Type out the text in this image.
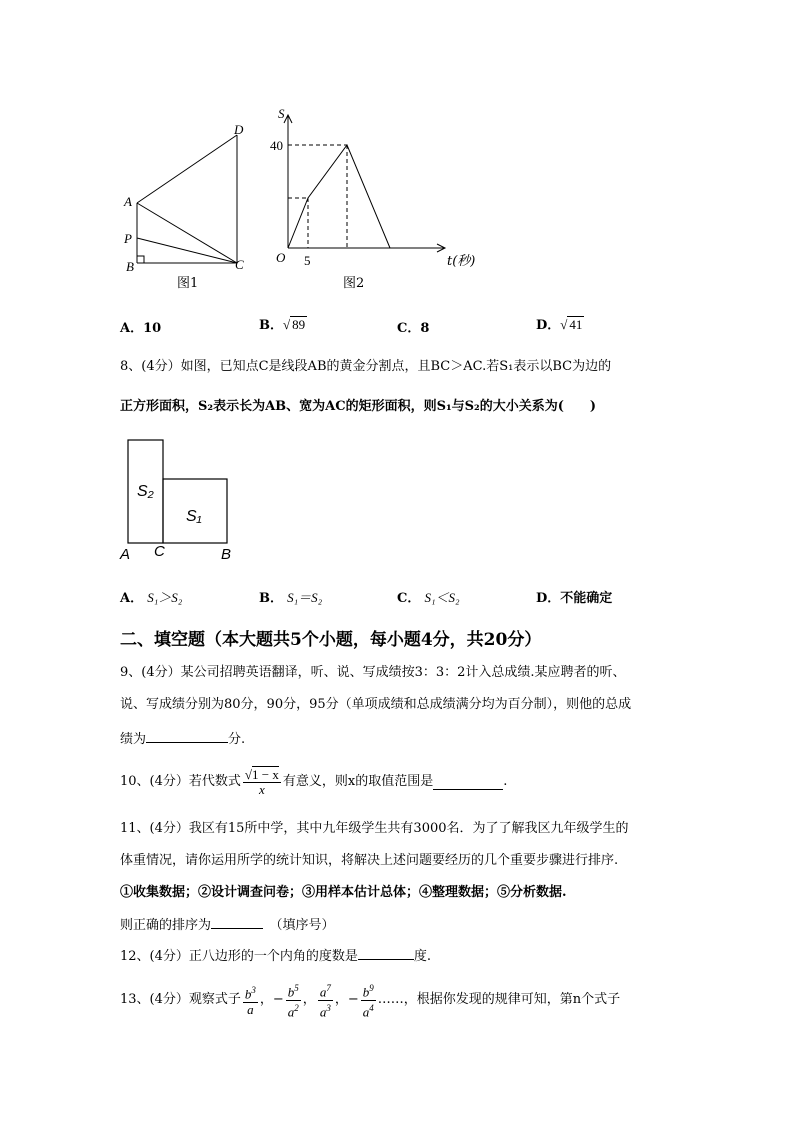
D
A
P
B	C
图1
S
40
O 5	t(秒)
图2
A．10	B．√ 89	C．8	D．√ 41
8、(4分）如图，已知点C是线段AB的黄金分割点，且BC＞AC.若S₁表示以BC为边的
正方形面积，S₂表示长为AB、宽为AC的矩形面积，则S₁与S₂的大小关系为(　　)
S₂
S₁
A C	B
A． S₁＞S₂	B． S₁＝S₂	C． S₁＜S₂	D．不能确定
二、填空题（本大题共5个小题，每小题4分，共20分）
9、(4分）某公司招聘英语翻译，听、说、写成绩按3：3：2计入总成绩.某应聘者的听、
说、写成绩分别为80分，90分，95分（单项成绩和总成绩满分均为百分制），则他的总成
绩为	分.
10、(4分）若代数式 $\frac{√1 - x}{x}$ 有意义，则x的取值范围是	.
11、(4分）我区有15所中学，其中九年级学生共有3000名．为了了解我区九年级学生的
体重情况，请你运用所学的统计知识，将解决上述问题要经历的几个重要步骤进行排序.
①收集数据；②设计调查问卷；③用样本估计总体；④整理数据；⑤分析数据.
则正确的排序为　	（填序号）
12、(4分）正八边形的一个内角的度数是	度.
13、(4分）观察式子 $\frac{b^3}{a}$ ，− $\frac{b^5}{a^2}$ ， $\frac{a^7}{a^3}$ ，− $\frac{b^9}{a^4}$ ……，根据你发现的规律可知，第n个式子
